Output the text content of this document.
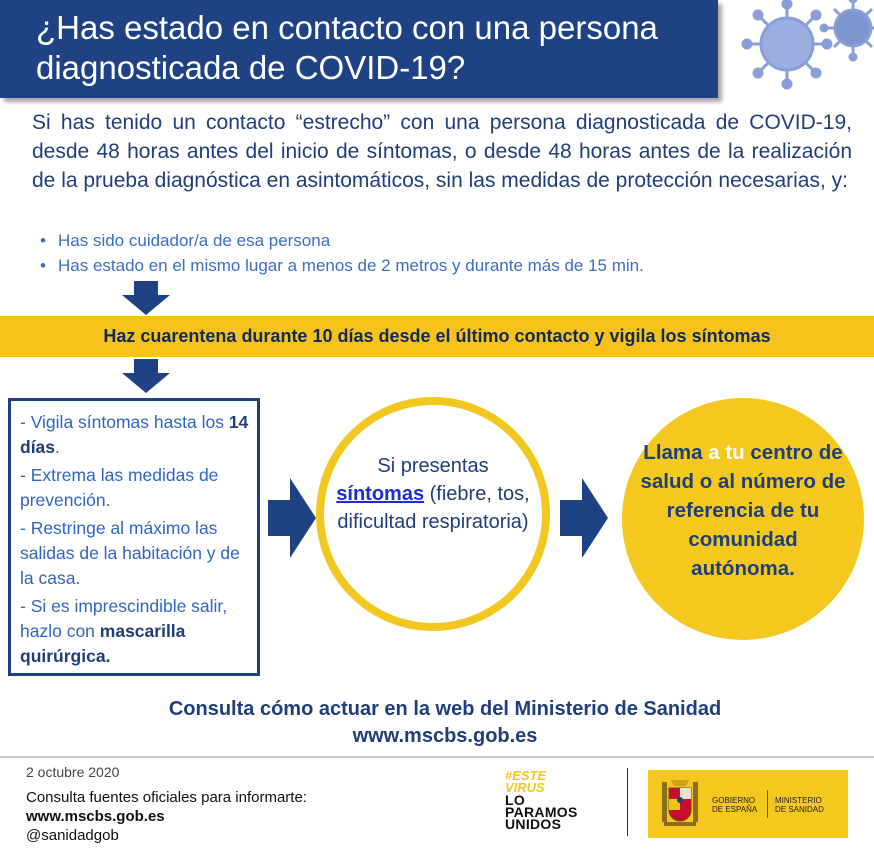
¿Has estado en contacto con una persona
diagnosticada de COVID-19?
Si has tenido un contacto “estrecho” con una persona diagnosticada de COVID-19, desde 48 horas antes del inicio de síntomas, o desde 48 horas antes de la realización de la prueba diagnóstica en asintomáticos, sin las medidas de protección necesarias, y:
• Has sido cuidador/a de esa persona
• Has estado en el mismo lugar a menos de 2 metros y durante más de 15 min.
Haz cuarentena durante 10 días desde el último contacto y vigila los síntomas
- Vigila síntomas hasta los 14 días.
- Extrema las medidas de prevención.
- Restringe al máximo las salidas de la habitación y de la casa.
- Si es imprescindible salir, hazlo con mascarilla quirúrgica.
Si presentas
síntomas (fiebre, tos, dificultad respiratoria)
Llama a tu centro de salud o al número de referencia de tu comunidad autónoma.
Consulta cómo actuar en la web del Ministerio de Sanidad
www.mscbs.gob.es
2 octubre 2020
Consulta fuentes oficiales para informarte:
www.mscbs.gob.es
@sanidadgob
#ESTE
VIRUS
LO
PARAMOS
UNIDOS
GOBIERNO
DE ESPAÑA
MINISTERIO
DE SANIDAD
